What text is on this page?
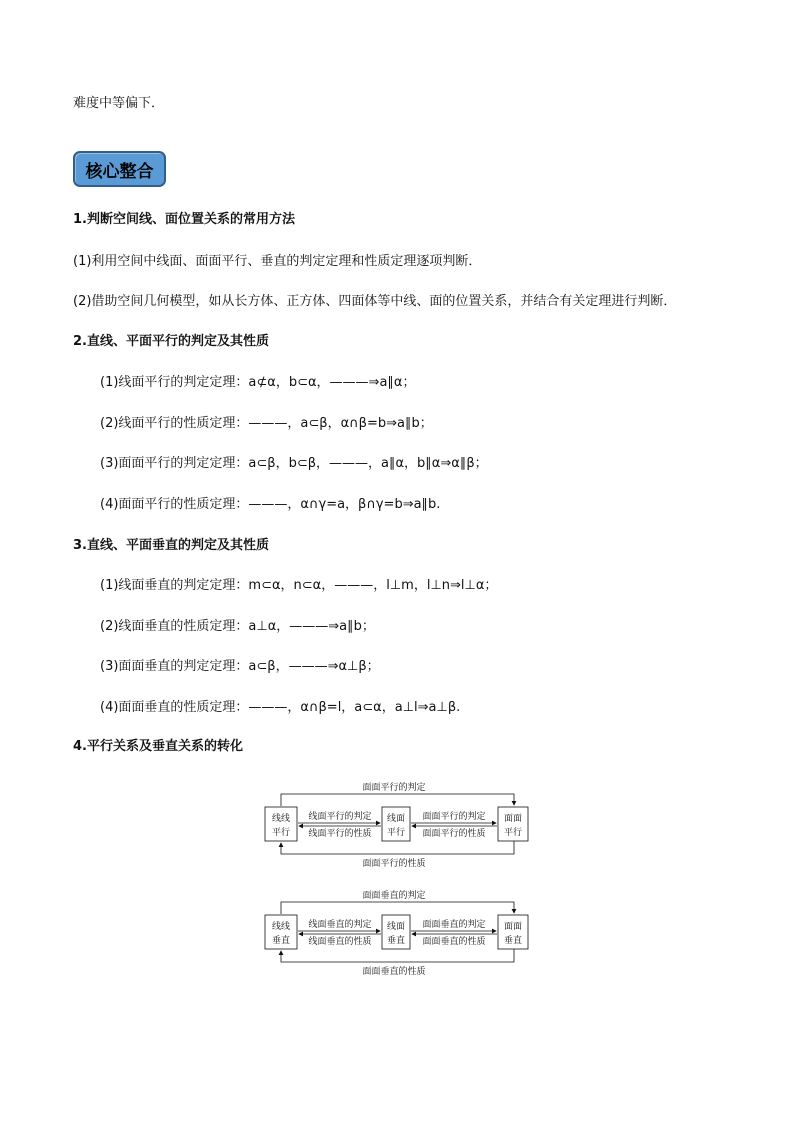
难度中等偏下．
核心整合
1.判断空间线、面位置关系的常用方法
(1)利用空间中线面、面面平行、垂直的判定定理和性质定理逐项判断．
(2)借助空间几何模型，如从长方体、正方体、四面体等中线、面的位置关系，并结合有关定理进行判断．
2.直线、平面平行的判定及其性质
(1)线面平行的判定定理：a⊄α，b⊂α，———⇒a∥α；
(2)线面平行的性质定理：———，a⊂β，α∩β=b⇒a∥b；
(3)面面平行的判定定理：a⊂β，b⊂β，———，a∥α，b∥α⇒α∥β；
(4)面面平行的性质定理：———，α∩γ=a，β∩γ=b⇒a∥b.
3.直线、平面垂直的判定及其性质
(1)线面垂直的判定定理：m⊂α，n⊂α，———，l⊥m，l⊥n⇒l⊥α；
(2)线面垂直的性质定理：a⊥α，———⇒a∥b；
(3)面面垂直的判定定理：a⊂β，———⇒α⊥β；
(4)面面垂直的性质定理：———，α∩β=l，a⊂α，a⊥l⇒a⊥β.
4.平行关系及垂直关系的转化
面面平行的判定
线线
平行
线面
平行
面面
平行
线面平行的判定
线面平行的性质
面面平行的判定
面面平行的性质
面面平行的性质
面面垂直的判定
线线
垂直
线面
垂直
面面
垂直
线面垂直的判定
线面垂直的性质
面面垂直的判定
面面垂直的性质
面面垂直的性质
